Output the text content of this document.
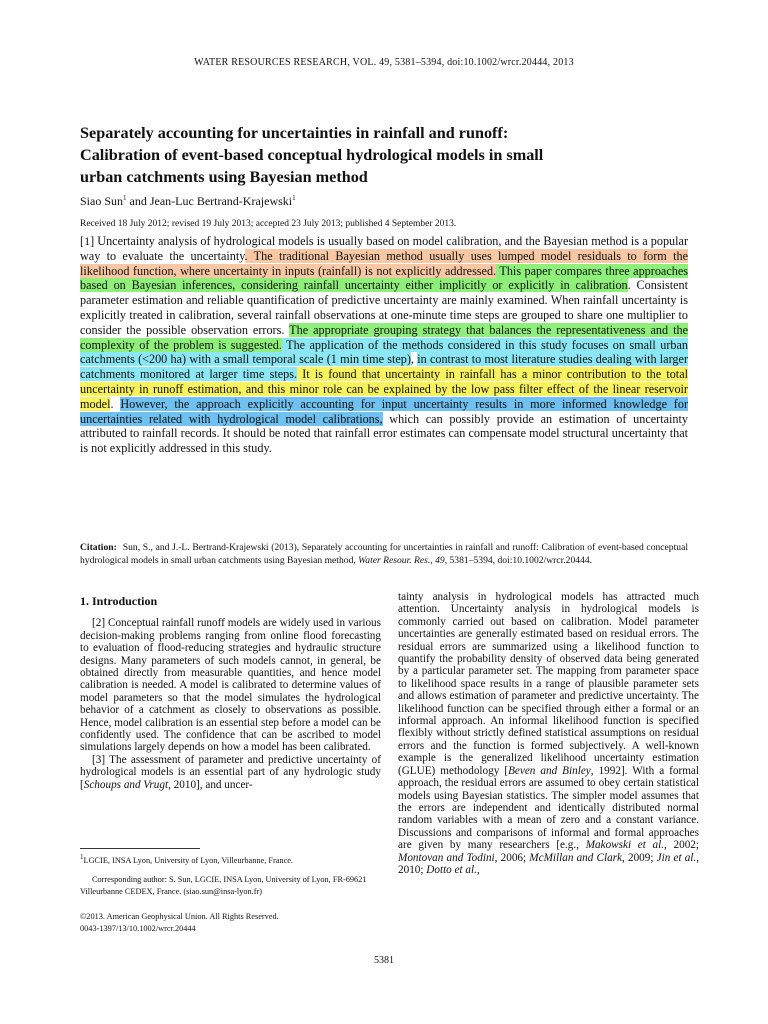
WATER RESOURCES RESEARCH, VOL. 49, 5381–5394, doi:10.1002/wrcr.20444, 2013
Separately accounting for uncertainties in rainfall and runoff:
Calibration of event-based conceptual hydrological models in small
urban catchments using Bayesian method
Siao Sun$^1$ and Jean-Luc Bertrand-Krajewski$^1$
Received 18 July 2012; revised 19 July 2013; accepted 23 July 2013; published 4 September 2013.
[1] Uncertainty analysis of hydrological models is usually based on model calibration, and the Bayesian method is a popular way to evaluate the uncertainty. The traditional Bayesian method usually uses lumped model residuals to form the likelihood function, where uncertainty in inputs (rainfall) is not explicitly addressed. This paper compares three approaches based on Bayesian inferences, considering rainfall uncertainty either implicitly or explicitly in calibration. Consistent parameter estimation and reliable quantification of predictive uncertainty are mainly examined. When rainfall uncertainty is explicitly treated in calibration, several rainfall observations at one-minute time steps are grouped to share one multiplier to consider the possible observation errors. The appropriate grouping strategy that balances the representativeness and the complexity of the problem is suggested. The application of the methods considered in this study focuses on small urban catchments (<200 ha) with a small temporal scale (1 min time step), in contrast to most literature studies dealing with larger catchments monitored at larger time steps. It is found that uncertainty in rainfall has a minor contribution to the total uncertainty in runoff estimation, and this minor role can be explained by the low pass filter effect of the linear reservoir model. However, the approach explicitly accounting for input uncertainty results in more informed knowledge for uncertainties related with hydrological model calibrations, which can possibly provide an estimation of uncertainty attributed to rainfall records. It should be noted that rainfall error estimates can compensate model structural uncertainty that is not explicitly addressed in this study.
Citation: Sun, S., and J.-L. Bertrand-Krajewski (2013), Separately accounting for uncertainties in rainfall and runoff: Calibration of event-based conceptual hydrological models in small urban catchments using Bayesian method, Water Resour. Res., 49, 5381–5394, doi:10.1002/wrcr.20444.
1. Introduction

[2] Conceptual rainfall runoff models are widely used in various decision-making problems ranging from online flood forecasting to evaluation of flood-reducing strategies and hydraulic structure designs. Many parameters of such models cannot, in general, be obtained directly from measurable quantities, and hence model calibration is needed. A model is calibrated to determine values of model parameters so that the model simulates the hydrological behavior of a catchment as closely to observations as possible. Hence, model calibration is an essential step before a model can be confidently used. The confidence that can be ascribed to model simulations largely depends on how a model has been calibrated.

[3] The assessment of parameter and predictive uncertainty of hydrological models is an essential part of any hydrologic study [Schoups and Vrugt, 2010], and uncer-

$^1$LGCIE, INSA Lyon, University of Lyon, Villeurbanne, France.

Corresponding author: S. Sun, LGCIE, INSA Lyon, University of Lyon, FR-69621 Villeurbanne CEDEX, France. (siao.sun@insa-lyon.fr)

©2013. American Geophysical Union. All Rights Reserved.

0043-1397/13/10.1002/wrcr.20444

tainty analysis in hydrological models has attracted much attention. Uncertainty analysis in hydrological models is commonly carried out based on calibration. Model parameter uncertainties are generally estimated based on residual errors. The residual errors are summarized using a likelihood function to quantify the probability density of observed data being generated by a particular parameter set. The mapping from parameter space to likelihood space results in a range of plausible parameter sets and allows estimation of parameter and predictive uncertainty. The likelihood function can be specified through either a formal or an informal approach. An informal likelihood function is specified flexibly without strictly defined statistical assumptions on residual errors and the function is formed subjectively. A well-known example is the generalized likelihood uncertainty estimation (GLUE) methodology [Beven and Binley, 1992]. With a formal approach, the residual errors are assumed to obey certain statistical models using Bayesian statistics. The simpler model assumes that the errors are independent and identically distributed normal random variables with a mean of zero and a constant variance. Discussions and comparisons of informal and formal approaches are given by many researchers [e.g., Makowski et al., 2002; Montovan and Todini, 2006; McMillan and Clark, 2009; Jin et al., 2010; Dotto et al.,

5381
